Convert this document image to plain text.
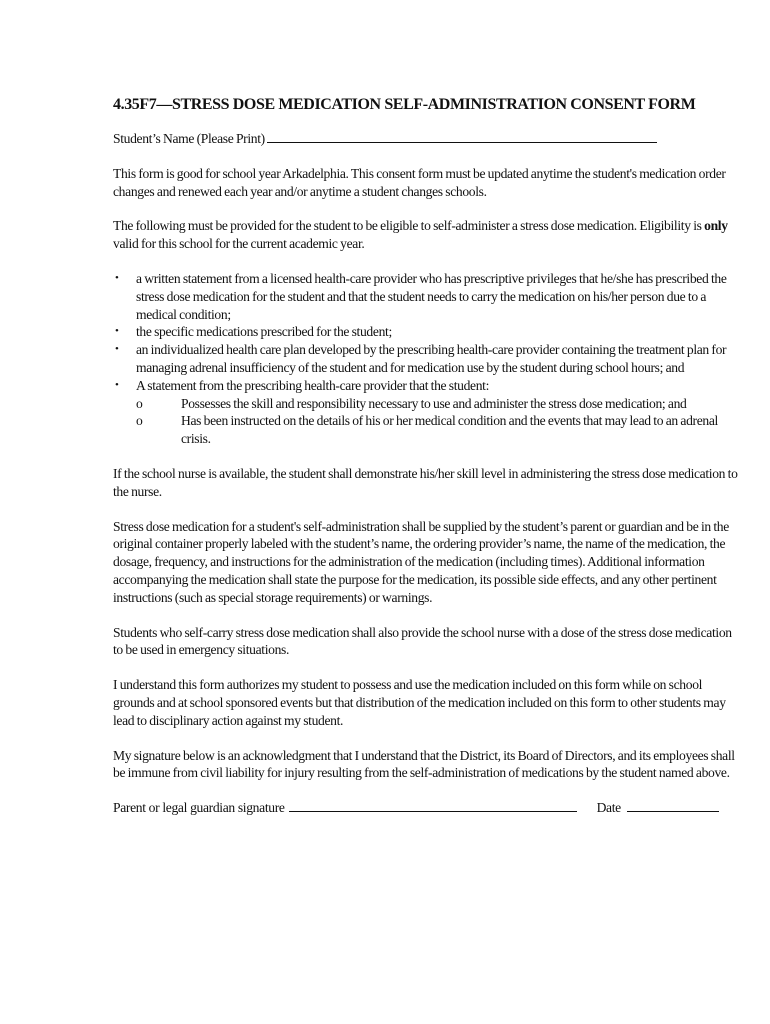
4.35F7—STRESS DOSE MEDICATION SELF-ADMINISTRATION CONSENT FORM
Student’s Name (Please Print)

This form is good for school year Arkadelphia. This consent form must be updated anytime the student's medication order changes and renewed each year and/or anytime a student changes schools.

The following must be provided for the student to be eligible to self-administer a stress dose medication. Eligibility is only valid for this school for the current academic year.

• a written statement from a licensed health-care provider who has prescriptive privileges that he/she has prescribed the stress dose medication for the student and that the student needs to carry the medication on his/her person due to a medical condition;
• the specific medications prescribed for the student;
• an individualized health care plan developed by the prescribing health-care provider containing the treatment plan for managing adrenal insufficiency of the student and for medication use by the student during school hours; and
• A statement from the prescribing health-care provider that the student:
o	Possesses the skill and responsibility necessary to use and administer the stress dose medication; and
o	Has been instructed on the details of his or her medical condition and the events that may lead to an adrenal crisis.

If the school nurse is available, the student shall demonstrate his/her skill level in administering the stress dose medication to the nurse.

Stress dose medication for a student's self-administration shall be supplied by the student’s parent or guardian and be in the original container properly labeled with the student’s name, the ordering provider’s name, the name of the medication, the dosage, frequency, and instructions for the administration of the medication (including times). Additional information accompanying the medication shall state the purpose for the medication, its possible side effects, and any other pertinent instructions (such as special storage requirements) or warnings.

Students who self-carry stress dose medication shall also provide the school nurse with a dose of the stress dose medication to be used in emergency situations.

I understand this form authorizes my student to possess and use the medication included on this form while on school grounds and at school sponsored events but that distribution of the medication included on this form to other students may lead to disciplinary action against my student.

My signature below is an acknowledgment that I understand that the District, its Board of Directors, and its employees shall be immune from civil liability for injury resulting from the self-administration of medications by the student named above.

Parent or legal guardian signature	Date
